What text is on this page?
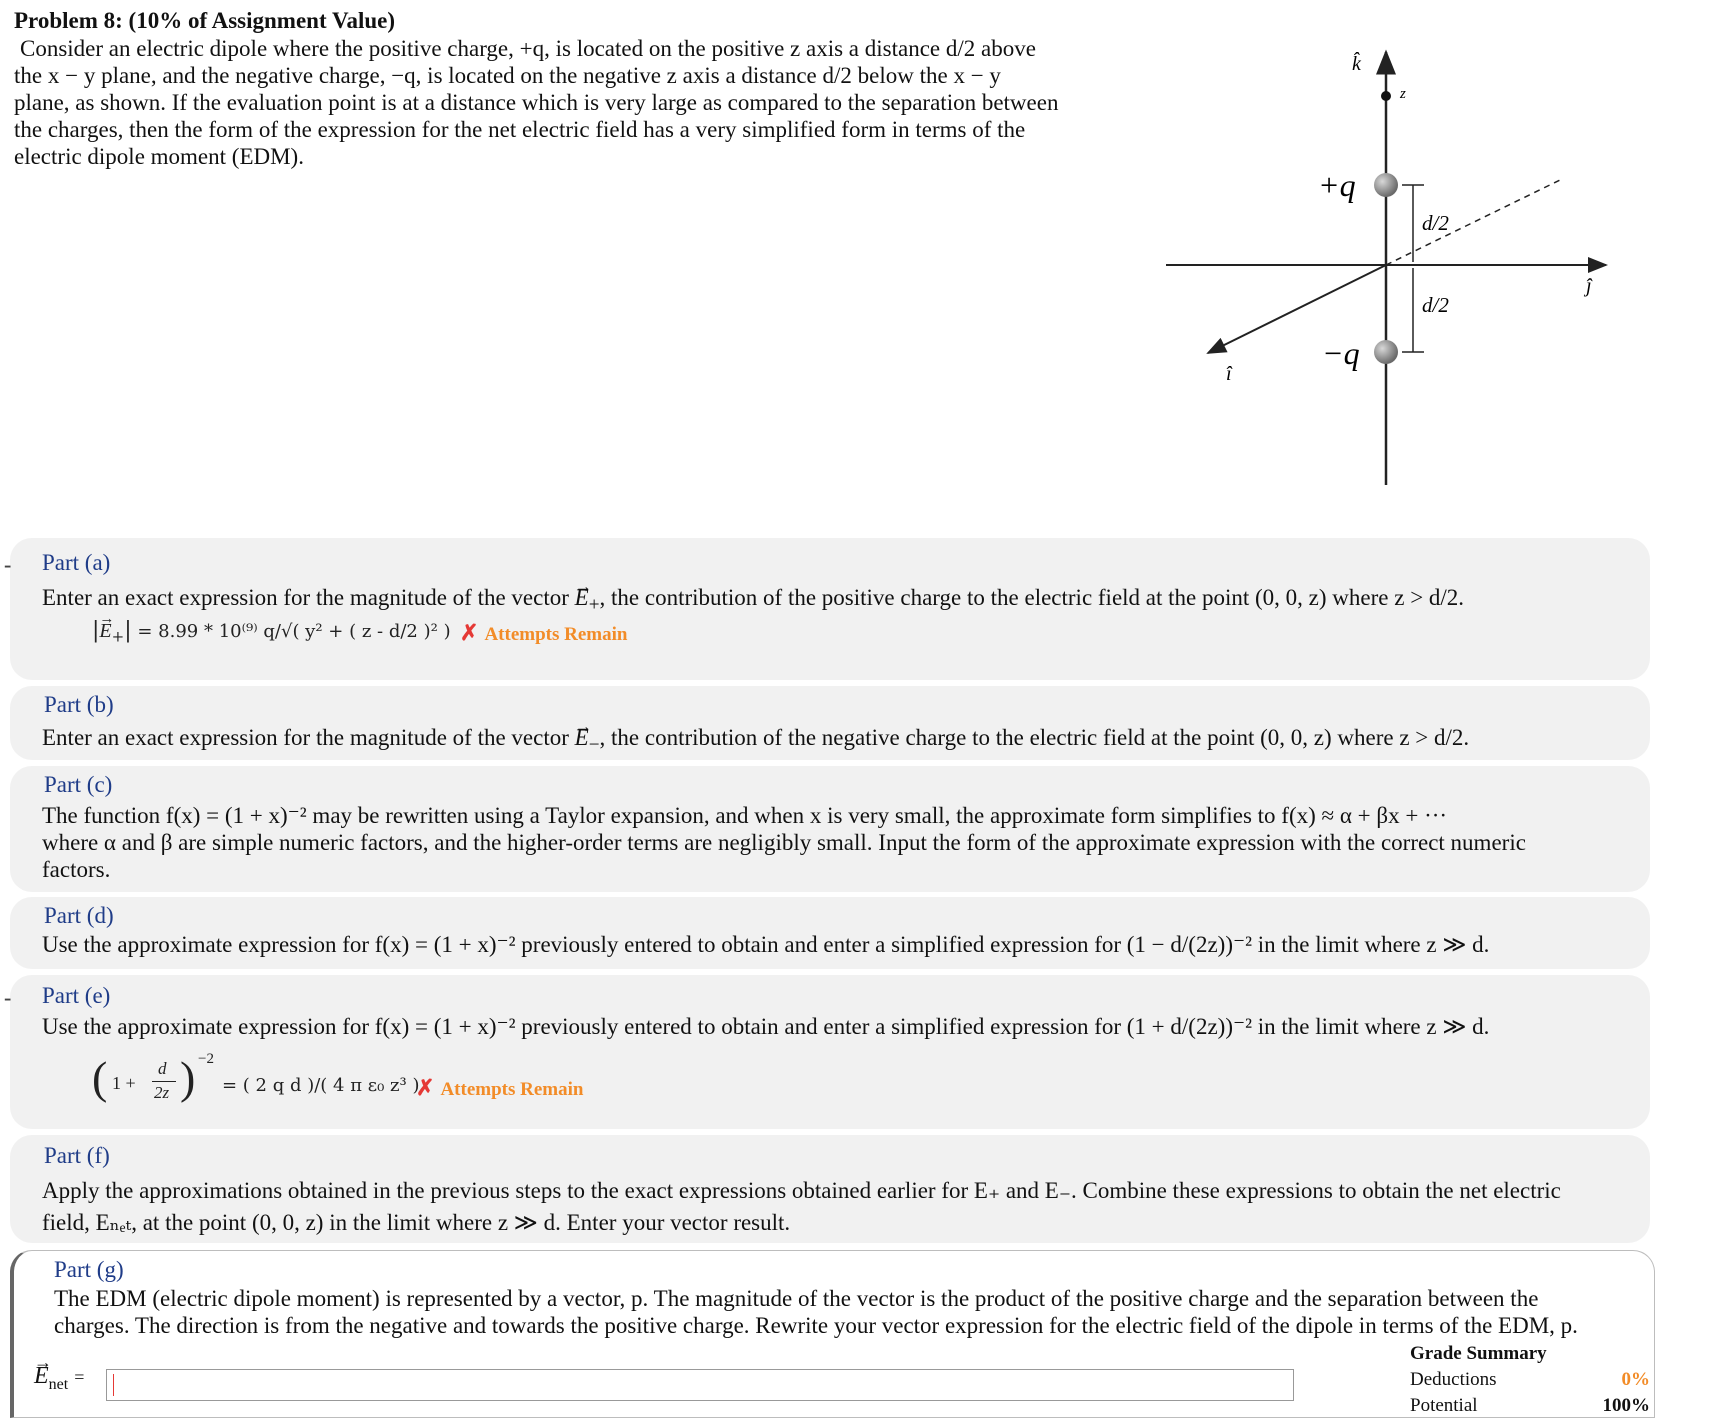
Problem 8: (10% of Assignment Value)
Consider an electric dipole where the positive charge, +q, is located on the positive z axis a distance d/2 above
the x − y plane, and the negative charge, −q, is located on the negative z axis a distance d/2 below the x − y
plane, as shown. If the evaluation point is at a distance which is very large as compared to the separation between
the charges, then the form of the expression for the net electric field has a very simplified form in terms of the
electric dipole moment (EDM).
k̂
z
+q
−q
d/2
d/2
î
ĵ
- Part (a)
Enter an exact expression for the magnitude of the vector → $E_+$, the contribution of the positive charge to the electric field at the point (0, 0, z) where z > d/2.
|→ $E_+| = 8.99 * 10^{(9)}$ q/√( y² + ( z - d/2 )² ) ✗ Attempts Remain
Part (b)
Enter an exact expression for the magnitude of the vector → $E_-$, the contribution of the negative charge to the electric field at the point (0, 0, z) where z > d/2.
Part (c)
The function f(x) = (1 + x)⁻² may be rewritten using a Taylor expansion, and when x is very small, the approximate form simplifies to f(x) ≈ α + βx + ···
where α and β are simple numeric factors, and the higher-order terms are negligibly small. Input the form of the approximate expression with the correct numeric
factors.
Part (d)
Use the approximate expression for f(x) = (1 + x)⁻² previously entered to obtain and enter a simplified expression for (1 − d/(2z))⁻² in the limit where z ≫ d.
- Part (e)
Use the approximate expression for f(x) = (1 + x)⁻² previously entered to obtain and enter a simplified expression for (1 + d/(2z))⁻² in the limit where z ≫ d.
( 1 +
d
2z ) −2
= ( 2 q d )/( 4 π ε₀ z³ )
✗ Attempts Remain
Part (f)
Apply the approximations obtained in the previous steps to the exact expressions obtained earlier for E₊ and E₋. Combine these expressions to obtain the net electric
field, Eₙₑₜ, at the point (0, 0, z) in the limit where z ≫ d. Enter your vector result.
Part (g)
The EDM (electric dipole moment) is represented by a vector, p. The magnitude of the vector is the product of the positive charge and the separation between the
charges. The direction is from the negative and towards the positive charge. Rewrite your vector expression for the electric field of the dipole in terms of the EDM, p.
→ $E_{net}$ =
Grade Summary
Deductions	0%
Potential	100%
